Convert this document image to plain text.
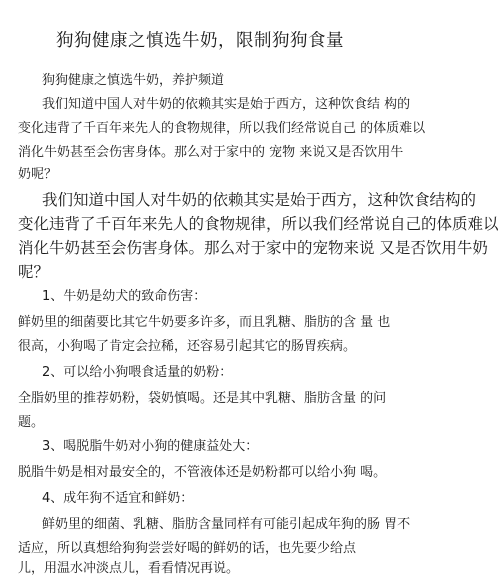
狗狗健康之慎选牛奶，限制狗狗食量
狗狗健康之慎选牛奶，养护频道
我们知道中国人对牛奶的依赖其实是始于西方，这种饮食结 构的
变化违背了千百年来先人的食物规律，所以我们经常说自己 的体质难以
消化牛奶甚至会伤害身体。那么对于家中的 宠物 来说又是否饮用牛
奶呢？
我们知道中国人对牛奶的依赖其实是始于西方，这种饮食结构的
变化违背了千百年来先人的食物规律，所以我们经常说自己的体质难以
消化牛奶甚至会伤害身体。那么对于家中的宠物来说 又是否饮用牛奶
呢？
1、牛奶是幼犬的致命伤害：
鲜奶里的细菌要比其它牛奶要多许多，而且乳糖、脂肪的含 量 也
很高，小狗喝了肯定会拉稀，还容易引起其它的肠胃疾病。
2、可以给小狗喂食适量的奶粉：
全脂奶里的推荐奶粉，袋奶慎喝。还是其中乳糖、脂肪含量 的问
题。
3、喝脱脂牛奶对小狗的健康益处大：
脱脂牛奶是相对最安全的，不管液体还是奶粉都可以给小狗 喝。
4、成年狗不适宜和鲜奶：
鲜奶里的细菌、乳糖、脂肪含量同样有可能引起成年狗的肠 胃不
适应，所以真想给狗狗尝尝好喝的鲜奶的话，也先要少给点
儿，用温水冲淡点儿，看看情况再说。
